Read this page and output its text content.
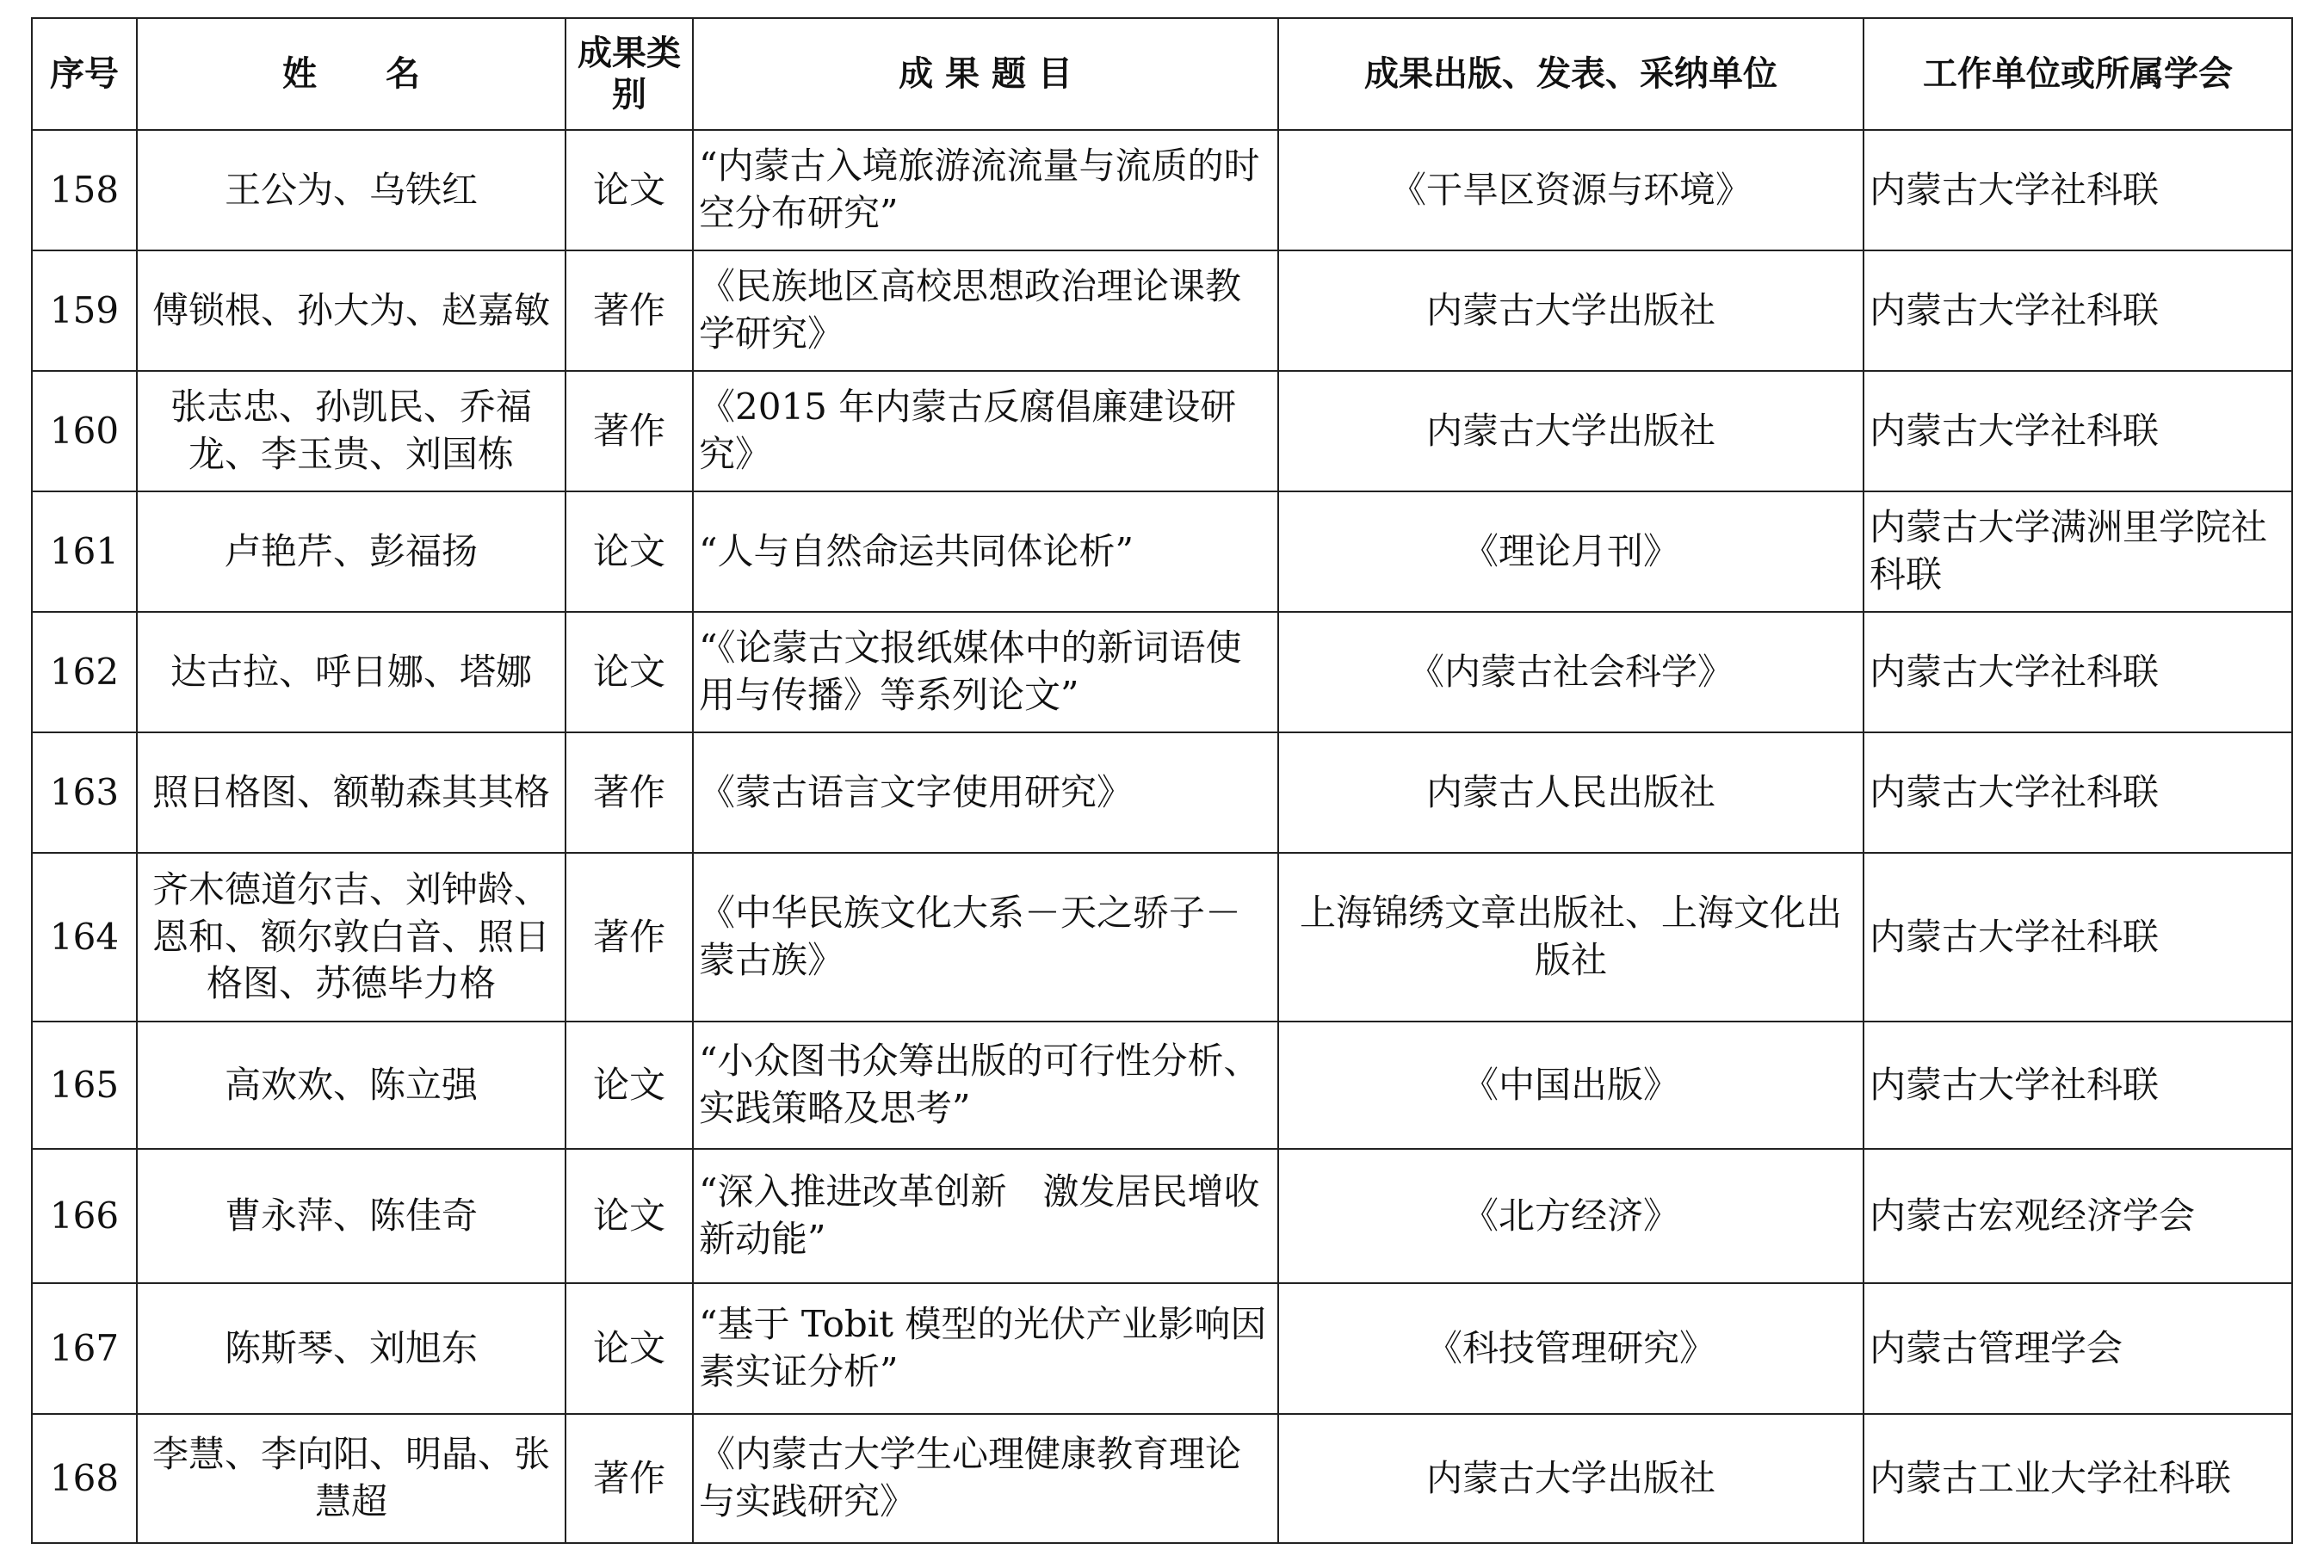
序号	姓　　名	成果类别	成 果 题 目	成果出版、发表、采纳单位	工作单位或所属学会
158	王公为、乌铁红	论文	“内蒙古入境旅游流流量与流质的时空分布研究”	《干旱区资源与环境》	内蒙古大学社科联
159	傅锁根、孙大为、赵嘉敏	著作	《民族地区高校思想政治理论课教学研究》	内蒙古大学出版社	内蒙古大学社科联
160	张志忠、孙凯民、乔福龙、李玉贵、刘国栋	著作	《2015 年内蒙古反腐倡廉建设研究》	内蒙古大学出版社	内蒙古大学社科联
161	卢艳芹、彭福扬	论文	“人与自然命运共同体论析”	《理论月刊》	内蒙古大学满洲里学院社科联
162	达古拉、呼日娜、塔娜	论文	“《论蒙古文报纸媒体中的新词语使用与传播》等系列论文”	《内蒙古社会科学》	内蒙古大学社科联
163	照日格图、额勒森其其格	著作	《蒙古语言文字使用研究》	内蒙古人民出版社	内蒙古大学社科联
164	齐木德道尔吉、刘钟龄、恩和、额尔敦白音、照日格图、苏德毕力格	著作	《中华民族文化大系－天之骄子－蒙古族》	上海锦绣文章出版社、上海文化出版社	内蒙古大学社科联
165	高欢欢、陈立强	论文	“小众图书众筹出版的可行性分析、实践策略及思考”	《中国出版》	内蒙古大学社科联
166	曹永萍、陈佳奇	论文	“深入推进改革创新　激发居民增收新动能”	《北方经济》	内蒙古宏观经济学会
167	陈斯琴、刘旭东	论文	“基于 Tobit 模型的光伏产业影响因素实证分析”	《科技管理研究》	内蒙古管理学会
168	李慧、李向阳、明晶、张慧超	著作	《内蒙古大学生心理健康教育理论与实践研究》	内蒙古大学出版社	内蒙古工业大学社科联
